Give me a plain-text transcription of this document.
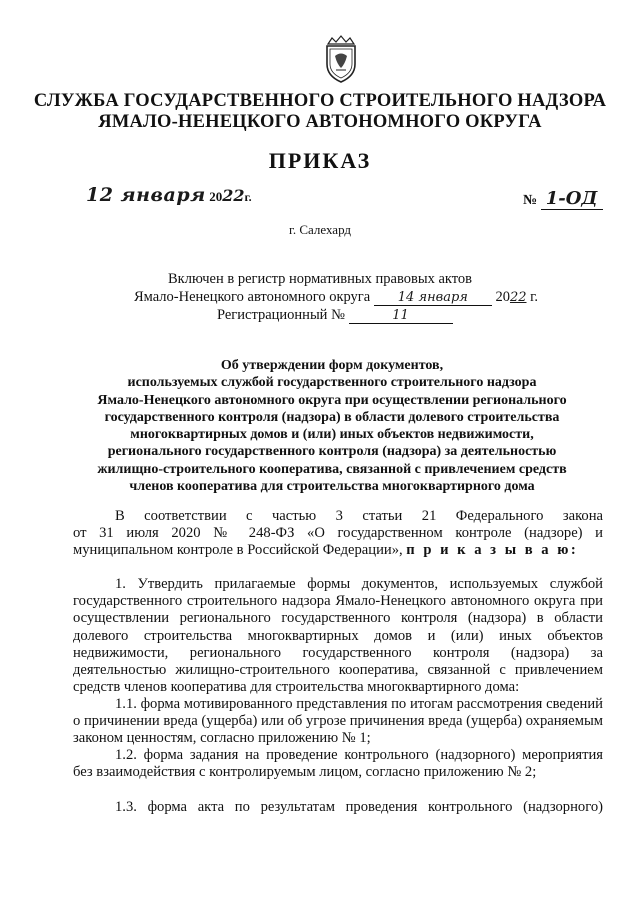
СЛУЖБА ГОСУДАРСТВЕННОГО СТРОИТЕЛЬНОГО НАДЗОРА
ЯМАЛО-НЕНЕЦКОГО АВТОНОМНОГО ОКРУГА
ПРИКАЗ
12 января 2022г.	№ 1-ОД
г. Салехард
Включен в регистр нормативных правовых актов
Ямало-Ненецкого автономного округа 14 января 2022 г.
Регистрационный №	11
Об утверждении форм документов,
используемых службой государственного строительного надзора
Ямало-Ненецкого автономного округа при осуществлении регионального
государственного контроля (надзора) в области долевого строительства
многоквартирных домов и (или) иных объектов недвижимости,
регионального государственного контроля (надзора) за деятельностью
жилищно-строительного кооператива, связанной с привлечением средств
членов кооператива для строительства многоквартирного дома
В соответствии с частью 3 статьи 21 Федерального закона
от 31 июля 2020 № 248-ФЗ «О государственном контроле (надзоре) и
муниципальном контроле в Российской Федерации», п р и к а з ы в а ю:
1. Утвердить прилагаемые формы документов, используемых службой государственного строительного надзора Ямало-Ненецкого автономного округа при осуществлении регионального государственного контроля (надзора) в области долевого строительства многоквартирных домов и (или) иных объектов недвижимости, регионального государственного контроля (надзора) за деятельностью жилищно-строительного кооператива, связанной с привлечением средств членов кооператива для строительства многоквартирного дома:
1.1. форма мотивированного представления по итогам рассмотрения сведений о причинении вреда (ущерба) или об угрозе причинения вреда (ущерба) охраняемым законом ценностям, согласно приложению № 1;
1.2. форма задания на проведение контрольного (надзорного) мероприятия без взаимодействия с контролируемым лицом, согласно приложению № 2;
1.3. форма акта по результатам проведения контрольного (надзорного)
